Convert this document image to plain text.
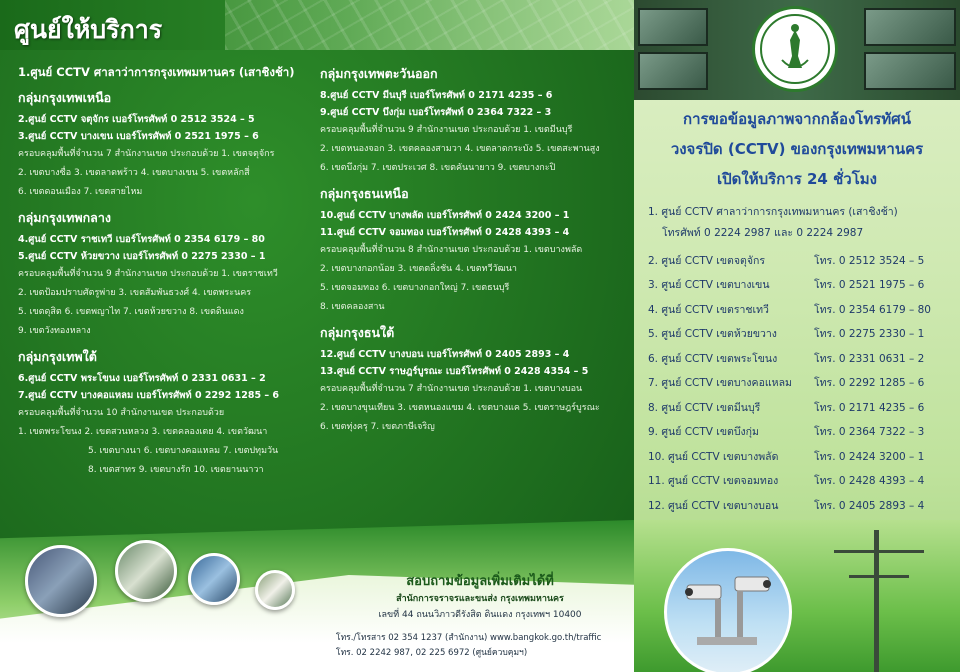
ศูนย์ให้บริการ
1.ศูนย์ CCTV ศาลาว่าการกรุงเทพมหานคร (เสาชิงช้า)
กลุ่มกรุงเทพเหนือ
2.ศูนย์ CCTV จตุจักร เบอร์โทรศัพท์ 0 2512 3524 – 5
3.ศูนย์ CCTV บางเขน เบอร์โทรศัพท์ 0 2521 1975 – 6
ครอบคลุมพื้นที่จำนวน 7 สำนักงานเขต ประกอบด้วย 1. เขตจตุจักร
2. เขตบางซื่อ 3. เขตลาดพร้าว 4. เขตบางเขน 5. เขตหลักสี่
6. เขตดอนเมือง 7. เขตสายไหม
กลุ่มกรุงเทพกลาง
4.ศูนย์ CCTV ราชเทวี เบอร์โทรศัพท์ 0 2354 6179 – 80
5.ศูนย์ CCTV ห้วยขวาง เบอร์โทรศัพท์ 0 2275 2330 – 1
ครอบคลุมพื้นที่จำนวน 9 สำนักงานเขต ประกอบด้วย 1. เขตราชเทวี
2. เขตป้อมปราบศัตรูพ่าย 3. เขตสัมพันธวงศ์ 4. เขตพระนคร
5. เขตดุสิต 6. เขตพญาไท 7. เขตห้วยขวาง 8. เขตดินแดง
9. เขตวังทองหลาง
กลุ่มกรุงเทพใต้
6.ศูนย์ CCTV พระโขนง เบอร์โทรศัพท์ 0 2331 0631 – 2
7.ศูนย์ CCTV บางคอแหลม เบอร์โทรศัพท์ 0 2292 1285 – 6
ครอบคลุมพื้นที่จำนวน 10 สำนักงานเขต ประกอบด้วย
1. เขตพระโขนง 2. เขตสวนหลวง 3. เขตคลองเตย 4. เขตวัฒนา
5. เขตบางนา 6. เขตบางคอแหลม 7. เขตปทุมวัน
8. เขตสาทร 9. เขตบางรัก 10. เขตยานนาวา
กลุ่มกรุงเทพตะวันออก
8.ศูนย์ CCTV มีนบุรี เบอร์โทรศัพท์ 0 2171 4235 – 6
9.ศูนย์ CCTV บึงกุ่ม เบอร์โทรศัพท์ 0 2364 7322 – 3
ครอบคลุมพื้นที่จำนวน 9 สำนักงานเขต ประกอบด้วย 1. เขตมีนบุรี
2. เขตหนองจอก 3. เขตคลองสามวา 4. เขตลาดกระบัง 5. เขตสะพานสูง
6. เขตบึงกุ่ม 7. เขตประเวศ 8. เขตคันนายาว 9. เขตบางกะปิ
กลุ่มกรุงธนเหนือ
10.ศูนย์ CCTV บางพลัด เบอร์โทรศัพท์ 0 2424 3200 – 1
11.ศูนย์ CCTV จอมทอง เบอร์โทรศัพท์ 0 2428 4393 – 4
ครอบคลุมพื้นที่จำนวน 8 สำนักงานเขต ประกอบด้วย 1. เขตบางพลัด
2. เขตบางกอกน้อย 3. เขตตลิ่งชัน 4. เขตทวีวัฒนา
5. เขตจอมทอง 6. เขตบางกอกใหญ่ 7. เขตธนบุรี
8. เขตคลองสาน
กลุ่มกรุงธนใต้
12.ศูนย์ CCTV บางบอน เบอร์โทรศัพท์ 0 2405 2893 – 4
13.ศูนย์ CCTV ราษฎร์บูรณะ เบอร์โทรศัพท์ 0 2428 4354 – 5
ครอบคลุมพื้นที่จำนวน 7 สำนักงานเขต ประกอบด้วย 1. เขตบางบอน
2. เขตบางขุนเทียน 3. เขตหนองแขม 4. เขตบางแค 5. เขตราษฎร์บูรณะ
6. เขตทุ่งครุ 7. เขตภาษีเจริญ
สอบถามข้อมูลเพิ่มเติมได้ที่
สำนักการจราจรและขนส่ง กรุงเทพมหานคร
เลขที่ 44 ถนนวิภาวดีรังสิต ดินแดง กรุงเทพฯ 10400
โทร./โทรสาร 02 354 1237 (สำนักงาน) www.bangkok.go.th/traffic
โทร. 02 2242 987, 02 225 6972 (ศูนย์ควบคุมฯ)
การขอข้อมูลภาพจากกล้องโทรทัศน์
วงจรปิด (CCTV) ของกรุงเทพมหานคร
เปิดให้บริการ 24 ชั่วโมง
1. ศูนย์ CCTV ศาลาว่าการกรุงเทพมหานคร (เสาชิงช้า)
โทรศัพท์ 0 2224 2987 และ 0 2224 2987
2. ศูนย์ CCTV เขตจตุจักร	โทร. 0 2512 3524 – 5
3. ศูนย์ CCTV เขตบางเขน	โทร. 0 2521 1975 – 6
4. ศูนย์ CCTV เขตราชเทวี	โทร. 0 2354 6179 – 80
5. ศูนย์ CCTV เขตห้วยขวาง	โทร. 0 2275 2330 – 1
6. ศูนย์ CCTV เขตพระโขนง	โทร. 0 2331 0631 – 2
7. ศูนย์ CCTV เขตบางคอแหลม	โทร. 0 2292 1285 – 6
8. ศูนย์ CCTV เขตมีนบุรี	โทร. 0 2171 4235 – 6
9. ศูนย์ CCTV เขตบึงกุ่ม	โทร. 0 2364 7322 – 3
10. ศูนย์ CCTV เขตบางพลัด	โทร. 0 2424 3200 – 1
11. ศูนย์ CCTV เขตจอมทอง	โทร. 0 2428 4393 – 4
12. ศูนย์ CCTV เขตบางบอน	โทร. 0 2405 2893 – 4
